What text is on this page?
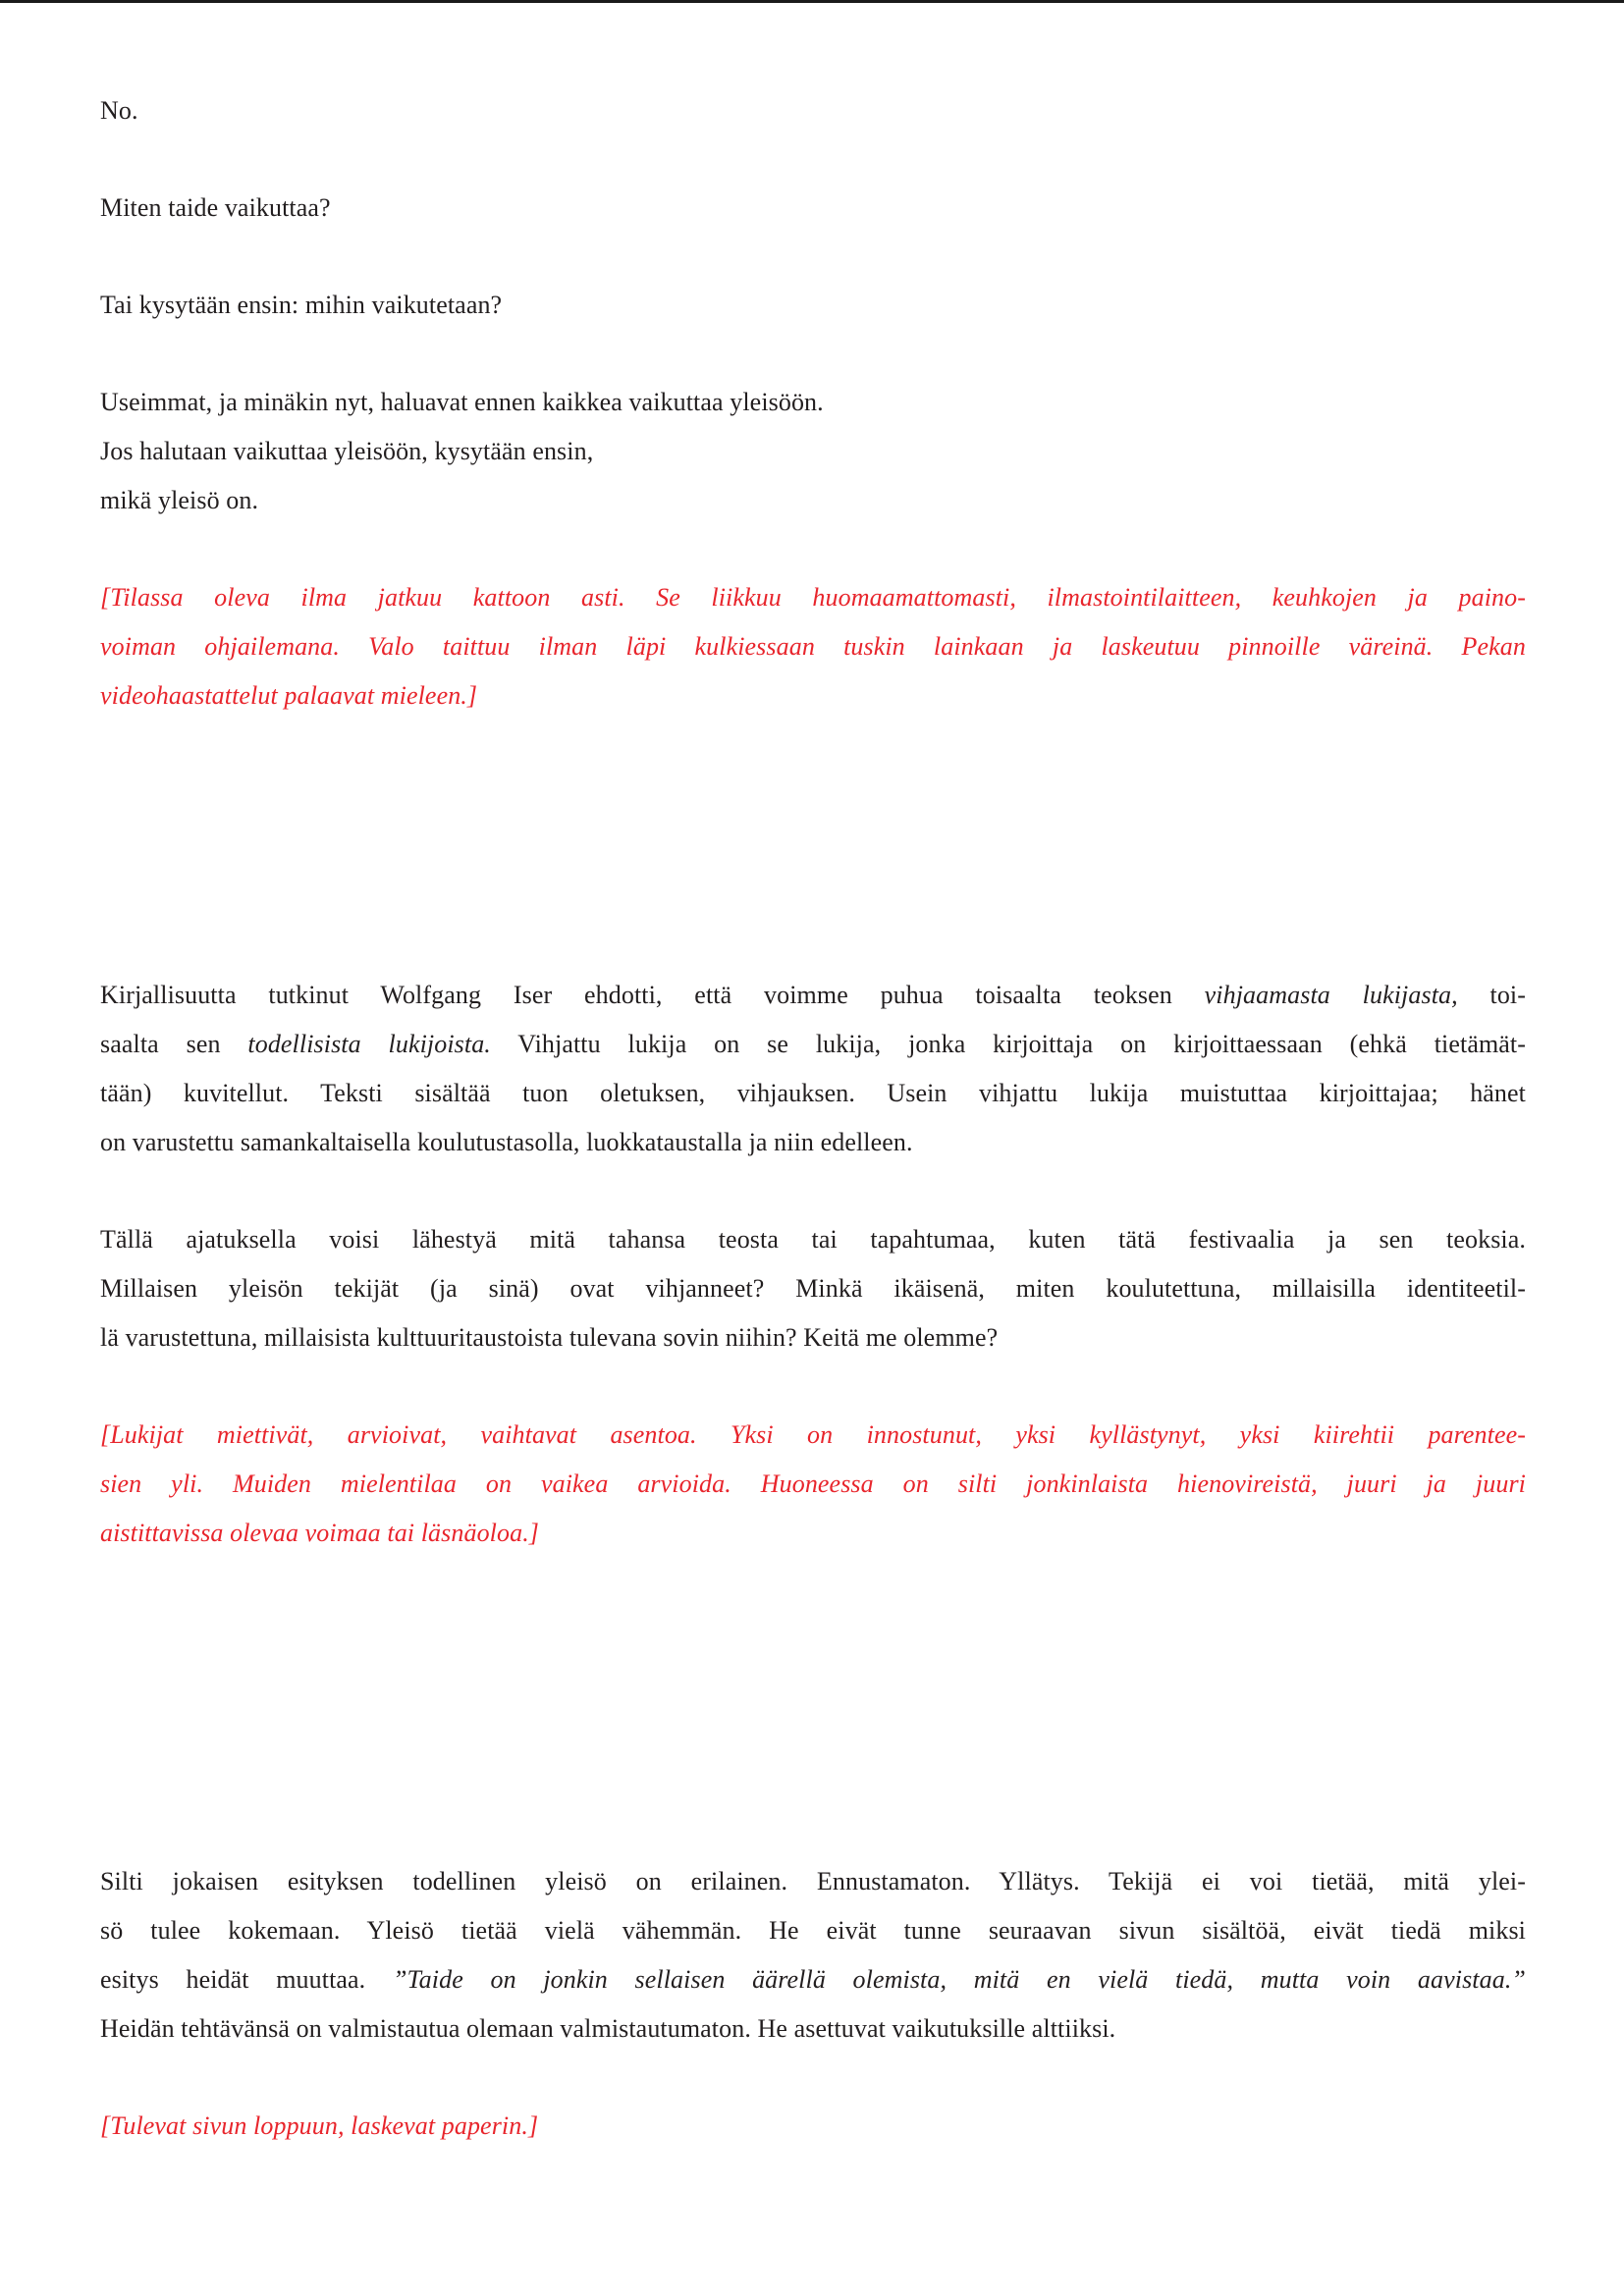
No.
Miten taide vaikuttaa?
Tai kysytään ensin: mihin vaikutetaan?
Useimmat, ja minäkin nyt, haluavat ennen kaikkea vaikuttaa yleisöön.
Jos halutaan vaikuttaa yleisöön, kysytään ensin,
mikä yleisö on.
[Tilassa oleva ilma jatkuu kattoon asti. Se liikkuu huomaamattomasti, ilmastointilaitteen, keuhkojen ja paino-
voiman ohjailemana. Valo taittuu ilman läpi kulkiessaan tuskin lainkaan ja laskeutuu pinnoille väreinä. Pekan
videohaastattelut palaavat mieleen.]
Kirjallisuutta tutkinut Wolfgang Iser ehdotti, että voimme puhua toisaalta teoksen vihjaamasta lukijasta, toi-
saalta sen todellisista lukijoista. Vihjattu lukija on se lukija, jonka kirjoittaja on kirjoittaessaan (ehkä tietämät-
tään) kuvitellut. Teksti sisältää tuon oletuksen, vihjauksen. Usein vihjattu lukija muistuttaa kirjoittajaa; hänet
on varustettu samankaltaisella koulutustasolla, luokkataustalla ja niin edelleen.
Tällä ajatuksella voisi lähestyä mitä tahansa teosta tai tapahtumaa, kuten tätä festivaalia ja sen teoksia.
Millaisen yleisön tekijät (ja sinä) ovat vihjanneet? Minkä ikäisenä, miten koulutettuna, millaisilla identiteetil-
lä varustettuna, millaisista kulttuuritaustoista tulevana sovin niihin? Keitä me olemme?
[Lukijat miettivät, arvioivat, vaihtavat asentoa. Yksi on innostunut, yksi kyllästynyt, yksi kiirehtii parentee-
sien yli. Muiden mielentilaa on vaikea arvioida. Huoneessa on silti jonkinlaista hienovireistä, juuri ja juuri
aistittavissa olevaa voimaa tai läsnäoloa.]
Silti jokaisen esityksen todellinen yleisö on erilainen. Ennustamaton. Yllätys. Tekijä ei voi tietää, mitä ylei-
sö tulee kokemaan. Yleisö tietää vielä vähemmän. He eivät tunne seuraavan sivun sisältöä, eivät tiedä miksi
esitys heidät muuttaa. ”Taide on jonkin sellaisen äärellä olemista, mitä en vielä tiedä, mutta voin aavistaa.”
Heidän tehtävänsä on valmistautua olemaan valmistautumaton. He asettuvat vaikutuksille alttiiksi.
[Tulevat sivun loppuun, laskevat paperin.]
